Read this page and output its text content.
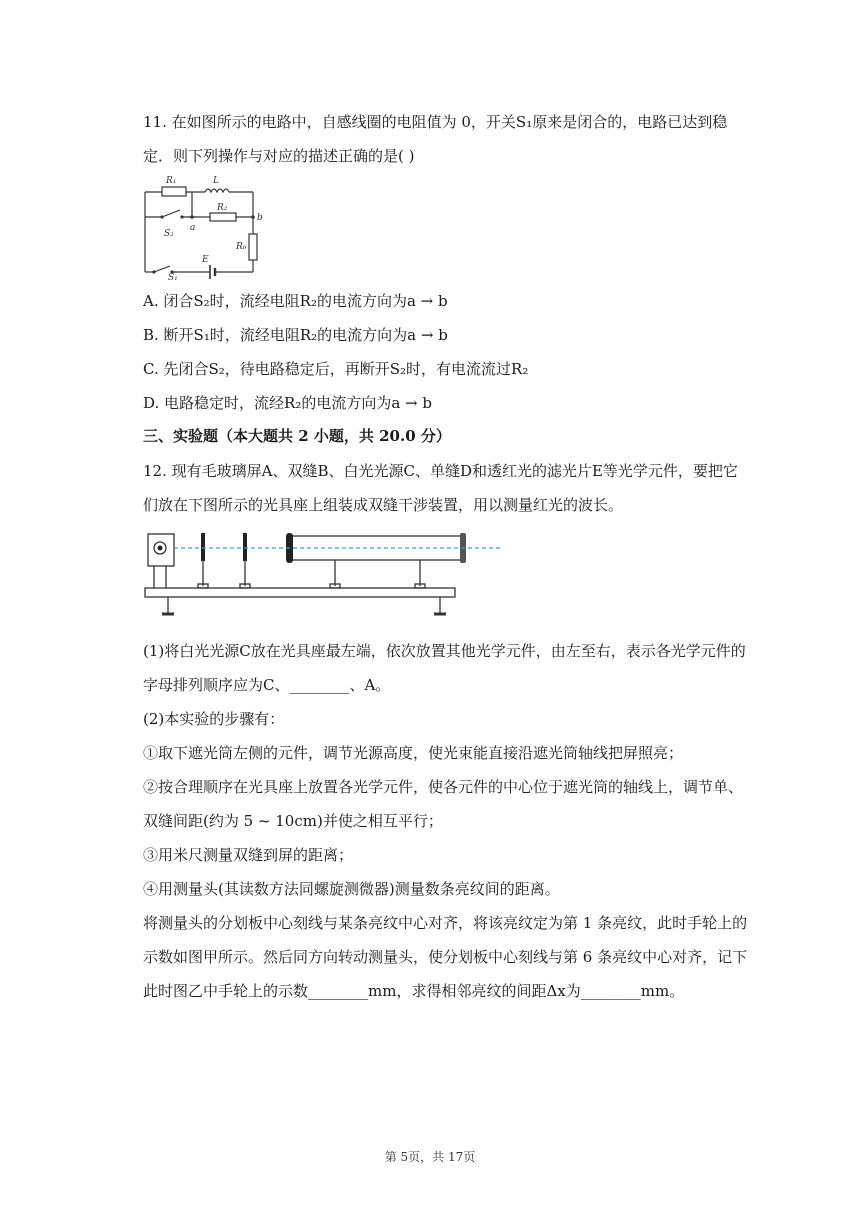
11. 在如图所示的电路中，自感线圈的电阻值为 0，开关S₁原来是闭合的，电路已达到稳
定．则下列操作与对应的描述正确的是( )
R₁	L
R₂
b
a
S₂
R₀
E
S₁
A. 闭合S₂时，流经电阻R₂的电流方向为a → b
B. 断开S₁时，流经电阻R₂的电流方向为a → b
C. 先闭合S₂，待电路稳定后，再断开S₂时，有电流流过R₂
D. 电路稳定时，流经R₂的电流方向为a → b
三、实验题（本大题共 2 小题，共 20.0 分）
12. 现有毛玻璃屏A、双缝B、白光光源C、单缝D和透红光的滤光片E等光学元件，要把它
们放在下图所示的光具座上组装成双缝干涉装置，用以测量红光的波长。
(1)将白光光源C放在光具座最左端，依次放置其他光学元件，由左至右，表示各光学元件的
字母排列顺序应为C、________、A。
(2)本实验的步骤有：
①取下遮光筒左侧的元件，调节光源高度，使光束能直接沿遮光筒轴线把屏照亮；
②按合理顺序在光具座上放置各光学元件，使各元件的中心位于遮光筒的轴线上，调节单、
双缝间距(约为 5 ~ 10cm)并使之相互平行；
③用米尺测量双缝到屏的距离；
④用测量头(其读数方法同螺旋测微器)测量数条亮纹间的距离。
将测量头的分划板中心刻线与某条亮纹中心对齐，将该亮纹定为第 1 条亮纹，此时手轮上的
示数如图甲所示。然后同方向转动测量头，使分划板中心刻线与第 6 条亮纹中心对齐，记下
此时图乙中手轮上的示数________mm，求得相邻亮纹的间距Δx为________mm。
第 5页，共 17页
